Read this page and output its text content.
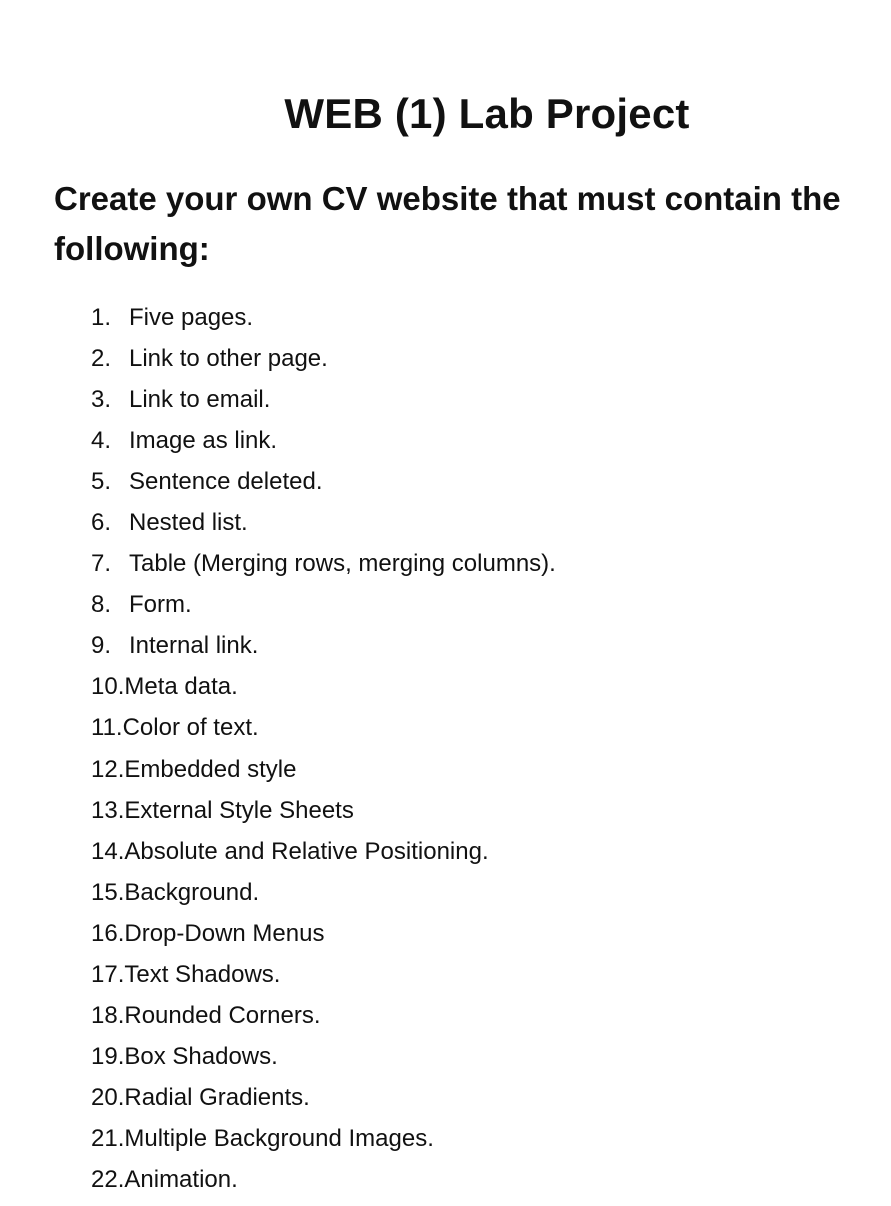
WEB (1) Lab Project
Create your own CV website that must contain the following:
1. Five pages.
2. Link to other page.
3. Link to email.
4. Image as link.
5. Sentence deleted.
6. Nested list.
7. Table (Merging rows, merging columns).
8. Form.
9. Internal link.
10.Meta data.
11.Color of text.
12.Embedded style
13.External Style Sheets
14.Absolute and Relative Positioning.
15.Background.
16.Drop-Down Menus
17.Text Shadows.
18.Rounded Corners.
19.Box Shadows.
20.Radial Gradients.
21.Multiple Background Images.
22.Animation.
